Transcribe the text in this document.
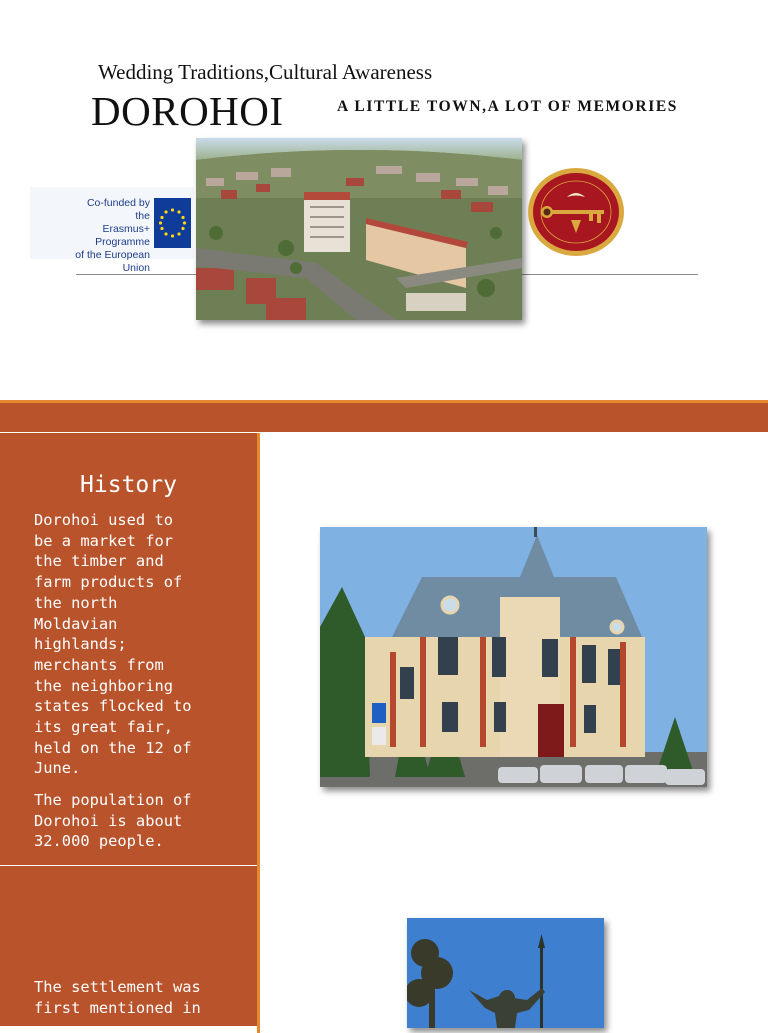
Wedding Traditions,Cultural Awareness
DOROHOI	A LITTLE TOWN,A LOT OF MEMORIES
Co-funded by the
Erasmus+ Programme
of the European Union
History
Dorohoi used to
be a market for
the timber and
farm products of
the north
Moldavian
highlands;
merchants from
the neighboring
states flocked to
its great fair,
held on the 12 of
June.
The population of
Dorohoi is about
32.000 people.
The settlement was
first mentioned in
